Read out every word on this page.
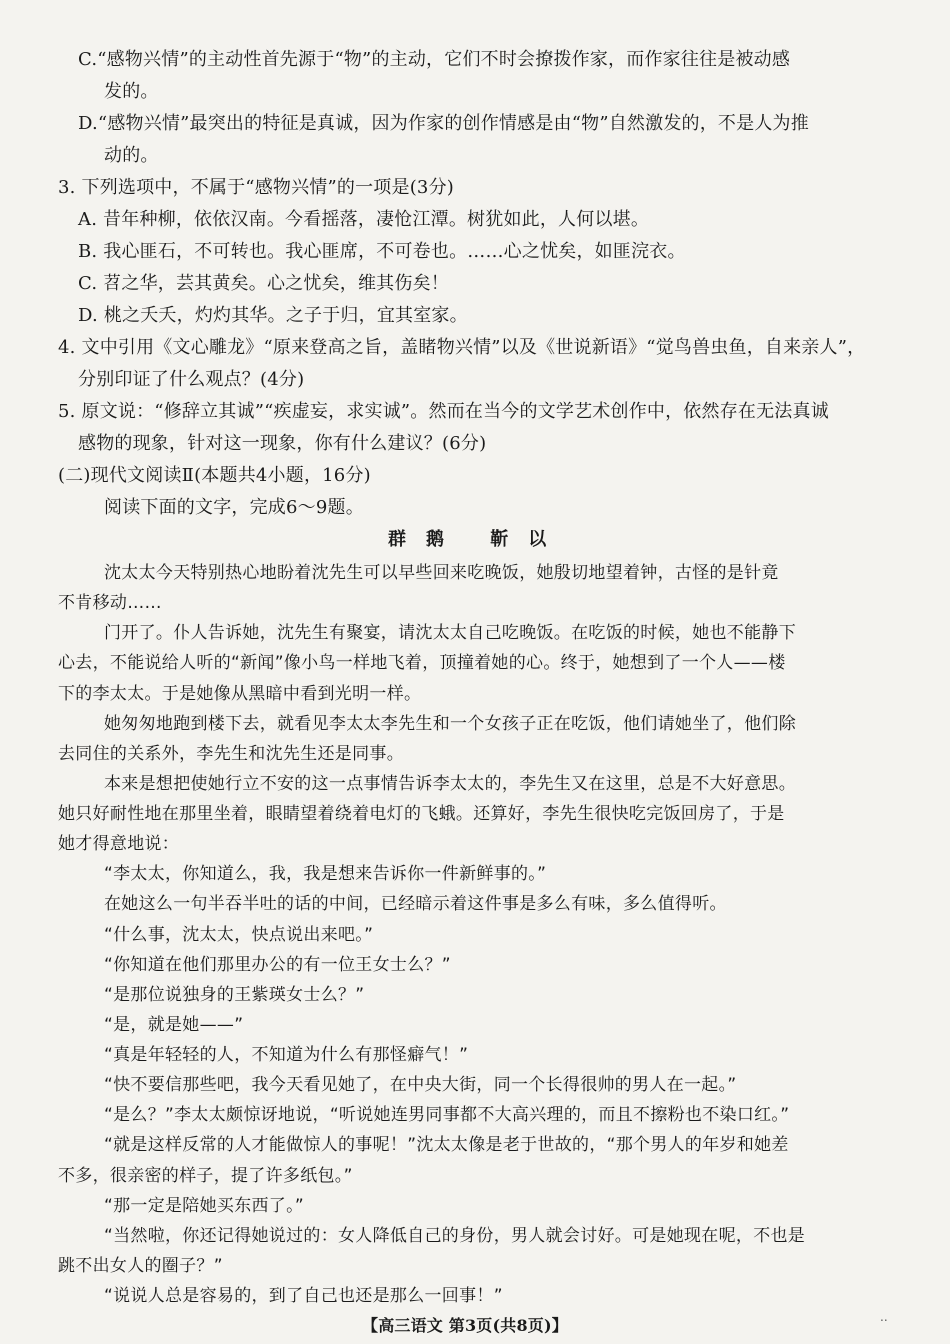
C.“感物兴情”的主动性首先源于“物”的主动，它们不时会撩拨作家，而作家往往是被动感
发的。
D.“感物兴情”最突出的特征是真诚，因为作家的创作情感是由“物”自然激发的，不是人为推
动的。
3. 下列选项中，不属于“感物兴情”的一项是(3分)
A. 昔年种柳，依依汉南。今看摇落，凄怆江潭。树犹如此，人何以堪。
B. 我心匪石，不可转也。我心匪席，不可卷也。……心之忧矣，如匪浣衣。
C. 苕之华，芸其黄矣。心之忧矣，维其伤矣！
D. 桃之夭夭，灼灼其华。之子于归，宜其室家。
4. 文中引用《文心雕龙》“原来登高之旨，盖睹物兴情”以及《世说新语》“觉鸟兽虫鱼，自来亲人”，
分别印证了什么观点？(4分)
5. 原文说：“修辞立其诚”“疾虚妄，求实诚”。然而在当今的文学艺术创作中，依然存在无法真诚
感物的现象，针对这一现象，你有什么建议？(6分)
(二)现代文阅读Ⅱ(本题共4小题，16分)
阅读下面的文字，完成6～9题。
群鹅 靳以
沈太太今天特别热心地盼着沈先生可以早些回来吃晚饭，她殷切地望着钟，古怪的是针竟
不肯移动……
门开了。仆人告诉她，沈先生有聚宴，请沈太太自己吃晚饭。在吃饭的时候，她也不能静下
心去，不能说给人听的“新闻”像小鸟一样地飞着，顶撞着她的心。终于，她想到了一个人——楼
下的李太太。于是她像从黑暗中看到光明一样。
她匆匆地跑到楼下去，就看见李太太李先生和一个女孩子正在吃饭，他们请她坐了，他们除
去同住的关系外，李先生和沈先生还是同事。
本来是想把使她行立不安的这一点事情告诉李太太的，李先生又在这里，总是不大好意思。
她只好耐性地在那里坐着，眼睛望着绕着电灯的飞蛾。还算好，李先生很快吃完饭回房了，于是
她才得意地说：
“李太太，你知道么，我，我是想来告诉你一件新鲜事的。”
在她这么一句半吞半吐的话的中间，已经暗示着这件事是多么有味，多么值得听。
“什么事，沈太太，快点说出来吧。”
“你知道在他们那里办公的有一位王女士么？”
“是那位说独身的王紫瑛女士么？”
“是，就是她——”
“真是年轻轻的人，不知道为什么有那怪癖气！”
“快不要信那些吧，我今天看见她了，在中央大街，同一个长得很帅的男人在一起。”
“是么？”李太太颇惊讶地说，“听说她连男同事都不大高兴理的，而且不擦粉也不染口红。”
“就是这样反常的人才能做惊人的事呢！”沈太太像是老于世故的，“那个男人的年岁和她差
不多，很亲密的样子，提了许多纸包。”
“那一定是陪她买东西了。”
“当然啦，你还记得她说过的：女人降低自己的身份，男人就会讨好。可是她现在呢，不也是
跳不出女人的圈子？”
“说说人总是容易的，到了自己也还是那么一回事！”
【高三语文 第3页(共8页)】	..
